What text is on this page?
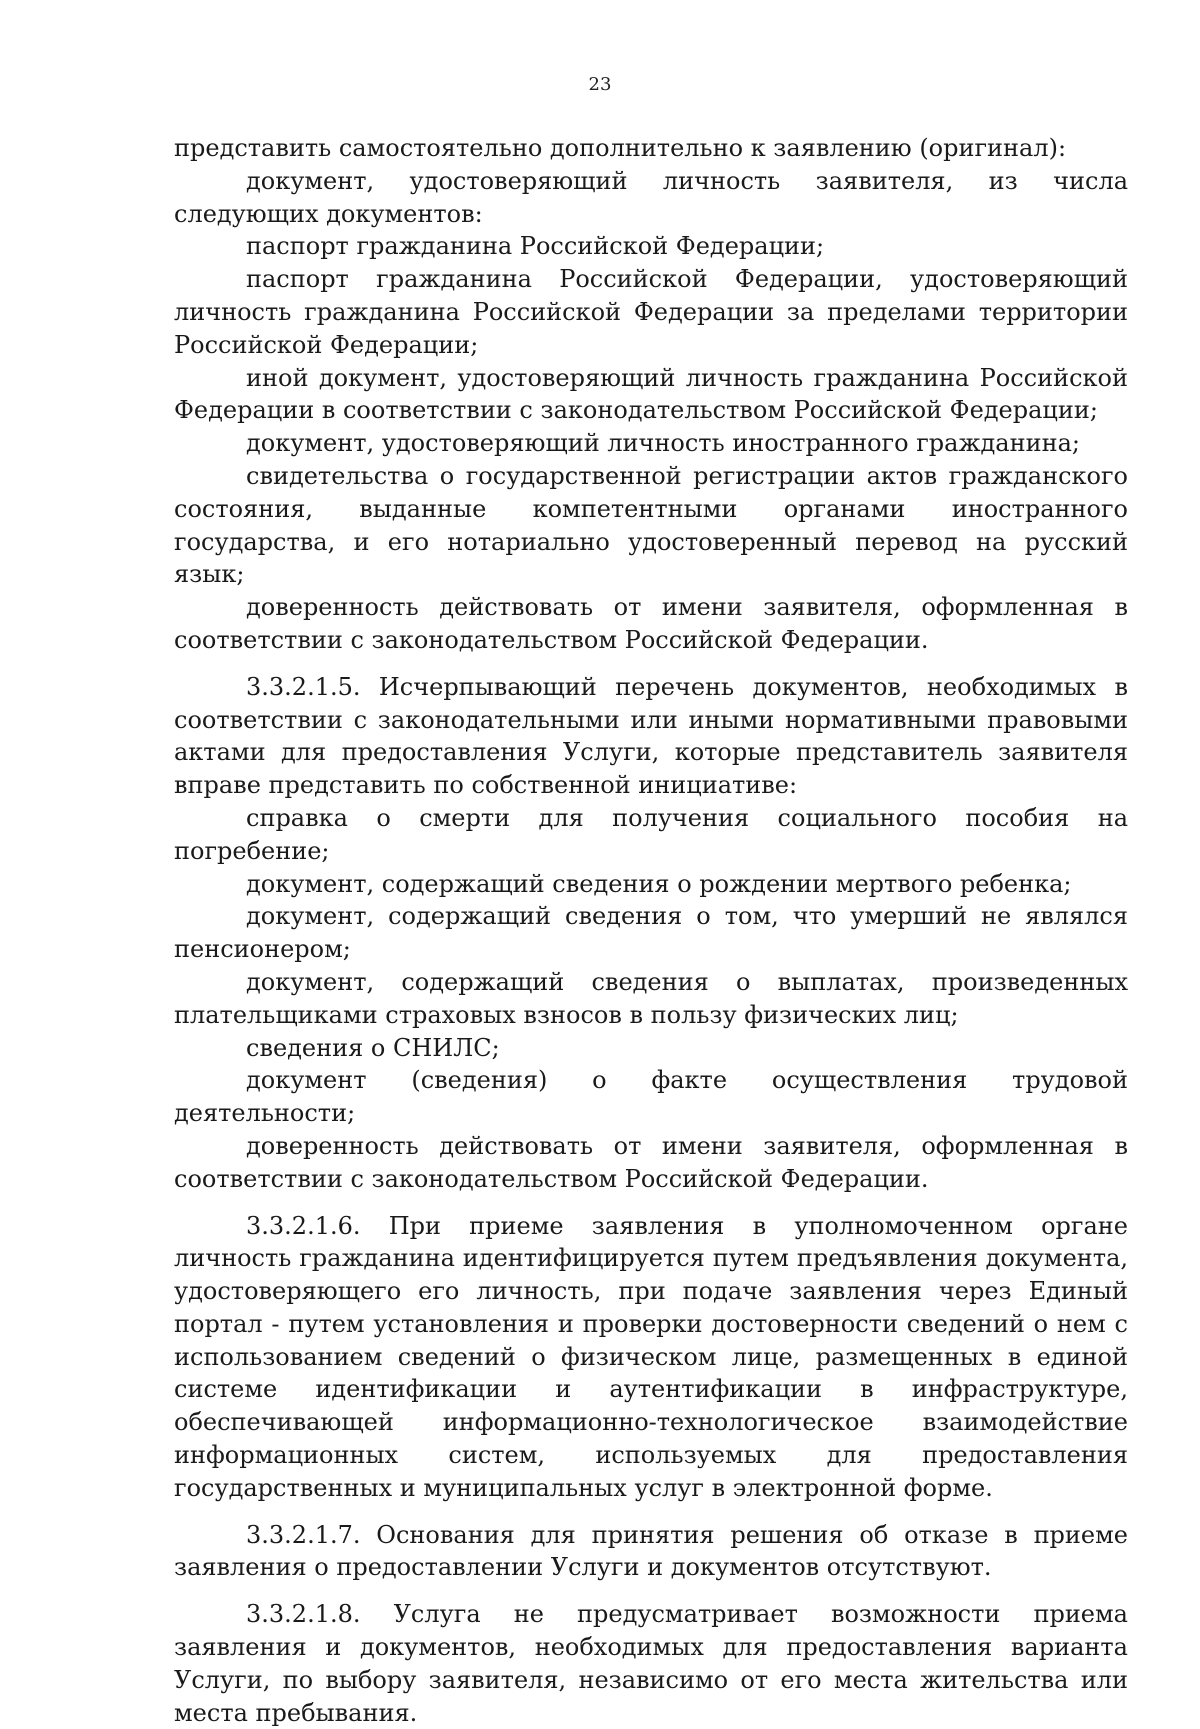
23

представить самостоятельно дополнительно к заявлению (оригинал):

документ, удостоверяющий личность заявителя, из числа следующих документов:

паспорт гражданина Российской Федерации;

паспорт гражданина Российской Федерации, удостоверяющий личность гражданина Российской Федерации за пределами территории Российской Федерации;

иной документ, удостоверяющий личность гражданина Российской Федерации в соответствии с законодательством Российской Федерации;

документ, удостоверяющий личность иностранного гражданина;

свидетельства о государственной регистрации актов гражданского состояния, выданные компетентными органами иностранного государства, и его нотариально удостоверенный перевод на русский язык;

доверенность действовать от имени заявителя, оформленная в соответствии с законодательством Российской Федерации.

3.3.2.1.5. Исчерпывающий перечень документов, необходимых в соответствии с законодательными или иными нормативными правовыми актами для предоставления Услуги, которые представитель заявителя вправе представить по собственной инициативе:

справка о смерти для получения социального пособия на погребение;

документ, содержащий сведения о рождении мертвого ребенка;

документ, содержащий сведения о том, что умерший не являлся пенсионером;

документ, содержащий сведения о выплатах, произведенных плательщиками страховых взносов в пользу физических лиц;

сведения о СНИЛС;

документ (сведения) о факте осуществления трудовой деятельности;

доверенность действовать от имени заявителя, оформленная в соответствии с законодательством Российской Федерации.

3.3.2.1.6. При приеме заявления в уполномоченном органе личность гражданина идентифицируется путем предъявления документа, удостоверяющего его личность, при подаче заявления через Единый портал - путем установления и проверки достоверности сведений о нем с использованием сведений о физическом лице, размещенных в единой системе идентификации и аутентификации в инфраструктуре, обеспечивающей информационно-технологическое взаимодействие информационных систем, используемых для предоставления государственных и муниципальных услуг в электронной форме.

3.3.2.1.7. Основания для принятия решения об отказе в приеме заявления о предоставлении Услуги и документов отсутствуют.

3.3.2.1.8. Услуга не предусматривает возможности приема заявления и документов, необходимых для предоставления варианта Услуги, по выбору заявителя, независимо от его места жительства или места пребывания.
